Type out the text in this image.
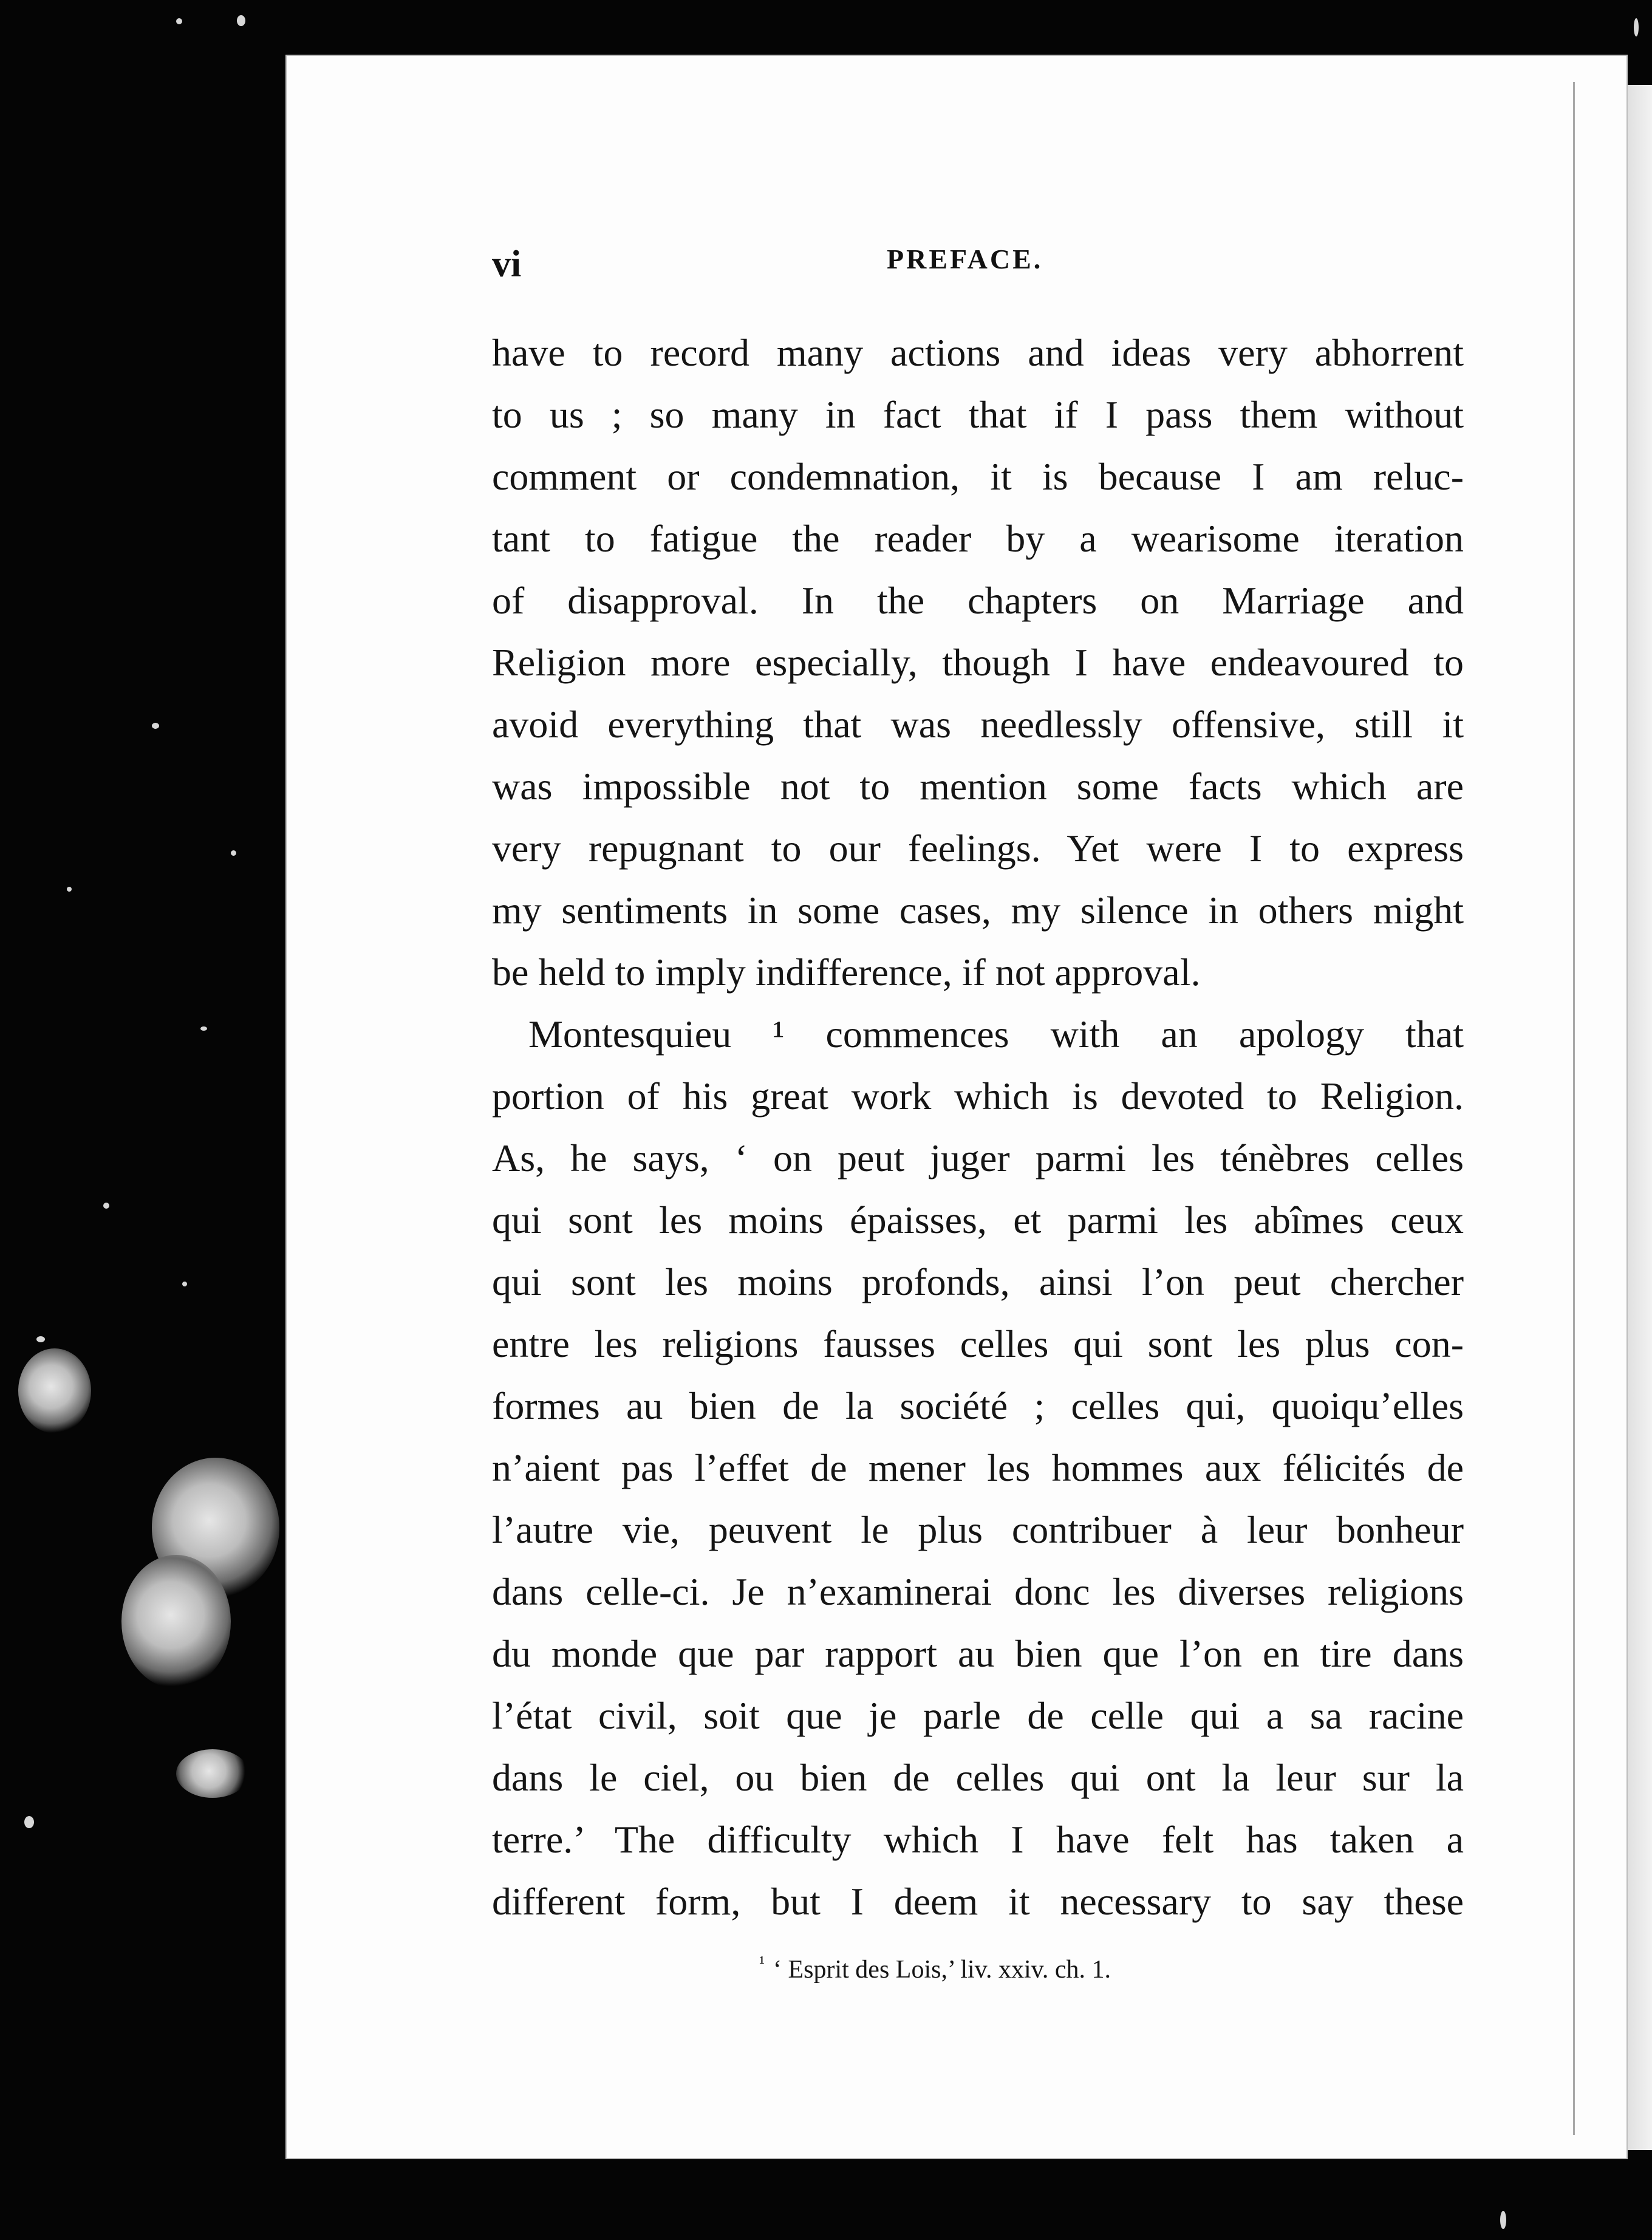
vi	PREFACE.
have to record many actions and ideas very abhorrent
to us ; so many in fact that if I pass them without
comment or condemnation, it is because I am reluc-
tant to fatigue the reader by a wearisome iteration
of disapproval. In the chapters on Marriage and
Religion more especially, though I have endeavoured to
avoid everything that was needlessly offensive, still it
was impossible not to mention some facts which are
very repugnant to our feelings. Yet were I to express
my sentiments in some cases, my silence in others might
be held to imply indifference, if not approval.
Montesquieu ¹ commences with an apology that
portion of his great work which is devoted to Religion.
As, he says, ‘ on peut juger parmi les ténèbres celles
qui sont les moins épaisses, et parmi les abîmes ceux
qui sont les moins profonds, ainsi l’on peut chercher
entre les religions fausses celles qui sont les plus con-
formes au bien de la société ; celles qui, quoiqu’elles
n’aient pas l’effet de mener les hommes aux félicités de
l’autre vie, peuvent le plus contribuer à leur bonheur
dans celle-ci. Je n’examinerai donc les diverses religions
du monde que par rapport au bien que l’on en tire dans
l’état civil, soit que je parle de celle qui a sa racine
dans le ciel, ou bien de celles qui ont la leur sur la
terre.’ The difficulty which I have felt has taken a
different form, but I deem it necessary to say these
$^{^1}$ ‘ Esprit des Lois,’ liv. xxiv. ch. 1.
